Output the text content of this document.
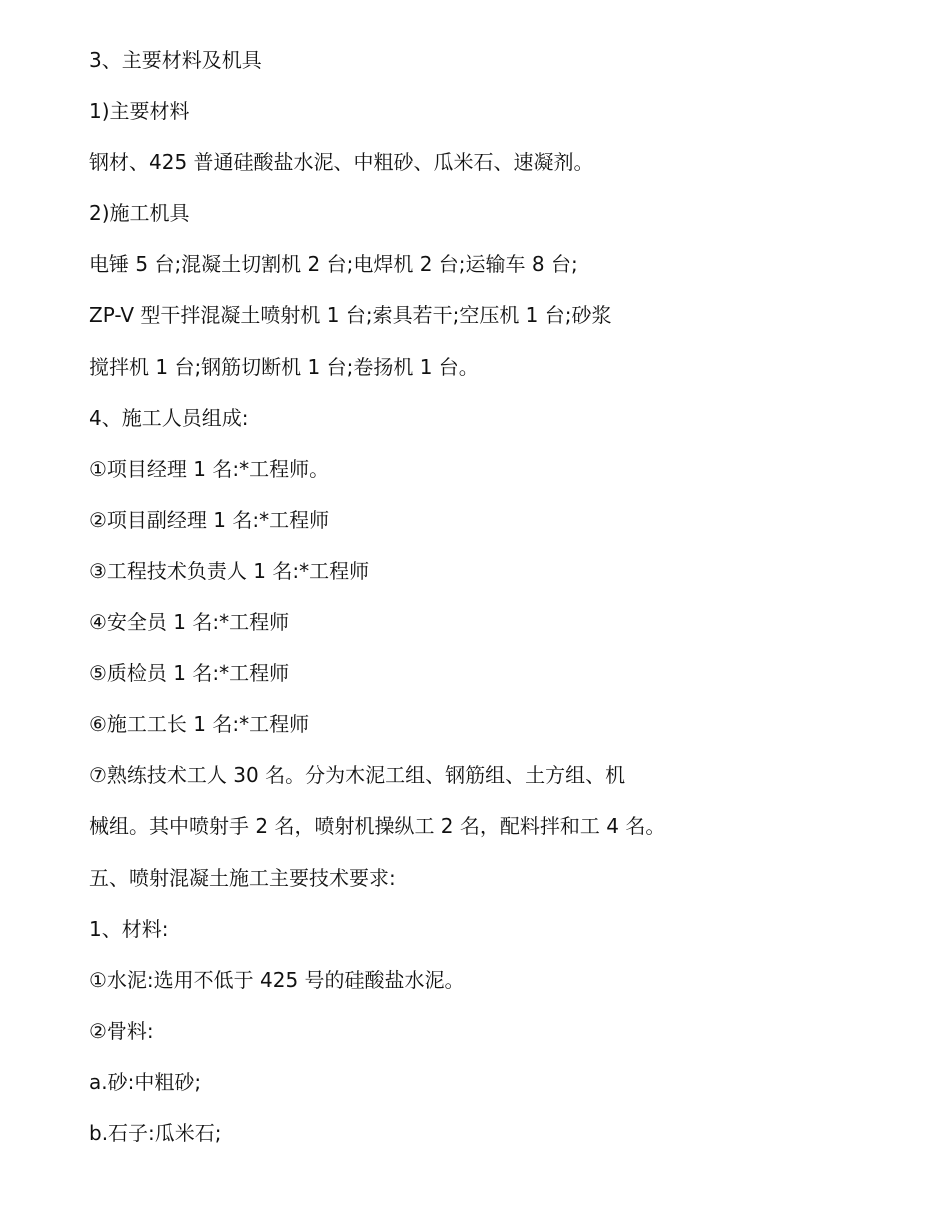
3、主要材料及机具
1)主要材料
钢材、425 普通硅酸盐水泥、中粗砂、瓜米石、速凝剂。
2)施工机具
电锤 5 台;混凝土切割机 2 台;电焊机 2 台;运输车 8 台;
ZP-V 型干拌混凝土喷射机 1 台;索具若干;空压机 1 台;砂浆
搅拌机 1 台;钢筋切断机 1 台;卷扬机 1 台。
4、施工人员组成:
①项目经理 1 名:*工程师。
②项目副经理 1 名:*工程师
③工程技术负责人 1 名:*工程师
④安全员 1 名:*工程师
⑤质检员 1 名:*工程师
⑥施工工长 1 名:*工程师
⑦熟练技术工人 30 名。分为木泥工组、钢筋组、土方组、机
械组。其中喷射手 2 名，喷射机操纵工 2 名，配料拌和工 4 名。
五、喷射混凝土施工主要技术要求:
1、材料:
①水泥:选用不低于 425 号的硅酸盐水泥。
②骨料:
a.砂:中粗砂;
b.石子:瓜米石;
